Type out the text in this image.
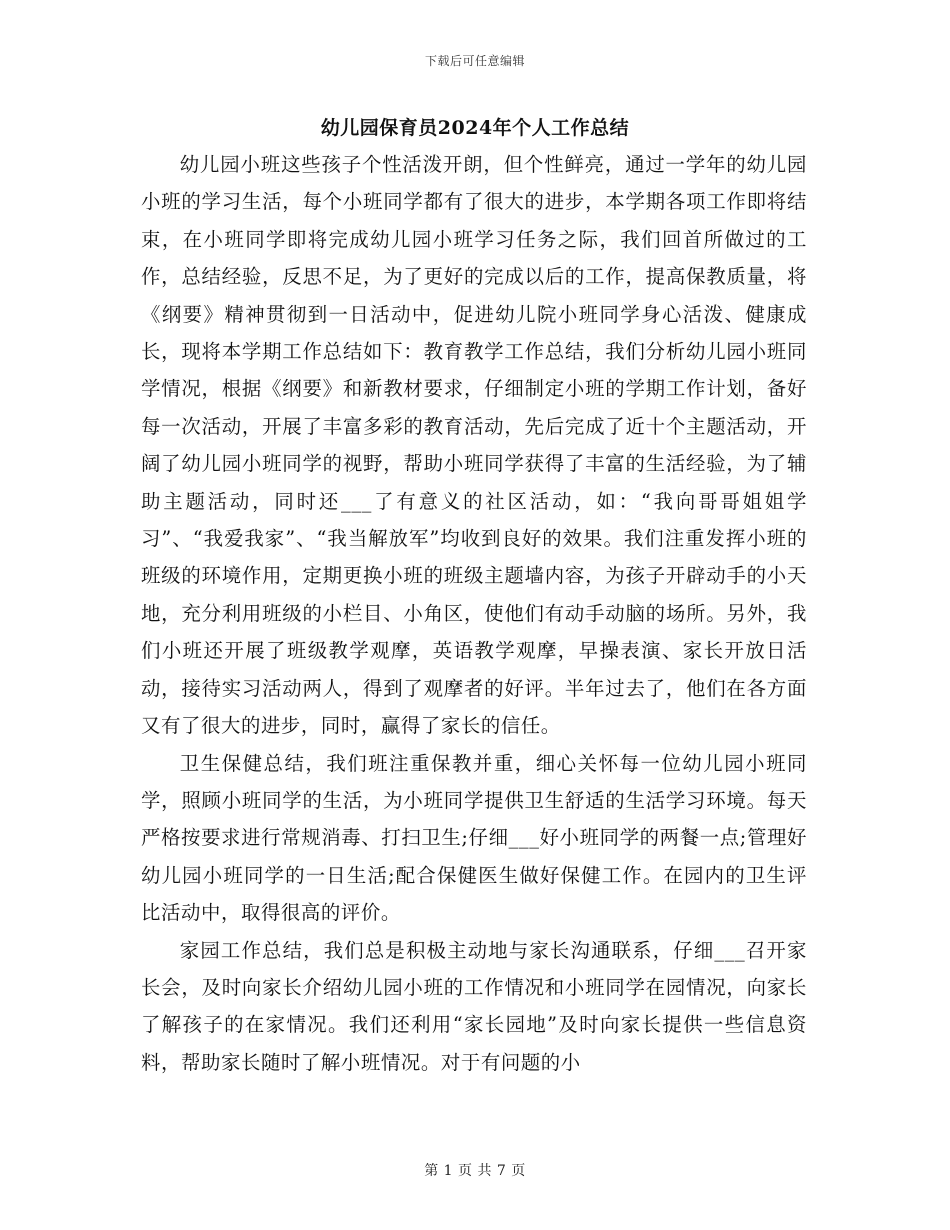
下载后可任意编辑
幼儿园保育员2024年个人工作总结

幼儿园小班这些孩子个性活泼开朗，但个性鲜亮，通过一学年的幼儿园小班的学习生活，每个小班同学都有了很大的进步，本学期各项工作即将结束，在小班同学即将完成幼儿园小班学习任务之际，我们回首所做过的工作，总结经验，反思不足，为了更好的完成以后的工作，提高保教质量，将《纲要》精神贯彻到一日活动中，促进幼儿院小班同学身心活泼、健康成长，现将本学期工作总结如下：教育教学工作总结，我们分析幼儿园小班同学情况，根据《纲要》和新教材要求，仔细制定小班的学期工作计划，备好每一次活动，开展了丰富多彩的教育活动，先后完成了近十个主题活动，开阔了幼儿园小班同学的视野，帮助小班同学获得了丰富的生活经验，为了辅助主题活动，同时还___了有意义的社区活动，如：“我向哥哥姐姐学习”、“我爱我家”、“我当解放军”均收到良好的效果。我们注重发挥小班的班级的环境作用，定期更换小班的班级主题墙内容，为孩子开辟动手的小天地，充分利用班级的小栏目、小角区，使他们有动手动脑的场所。另外，我们小班还开展了班级教学观摩，英语教学观摩，早操表演、家长开放日活动，接待实习活动两人，得到了观摩者的好评。半年过去了，他们在各方面又有了很大的进步，同时，赢得了家长的信任。

卫生保健总结，我们班注重保教并重，细心关怀每一位幼儿园小班同学，照顾小班同学的生活，为小班同学提供卫生舒适的生活学习环境。每天严格按要求进行常规消毒、打扫卫生;仔细___好小班同学的两餐一点;管理好幼儿园小班同学的一日生活;配合保健医生做好保健工作。在园内的卫生评比活动中，取得很高的评价。

家园工作总结，我们总是积极主动地与家长沟通联系，仔细___召开家长会，及时向家长介绍幼儿园小班的工作情况和小班同学在园情况，向家长了解孩子的在家情况。我们还利用“家长园地”及时向家长提供一些信息资料，帮助家长随时了解小班情况。对于有问题的小

第 1 页 共 7 页
